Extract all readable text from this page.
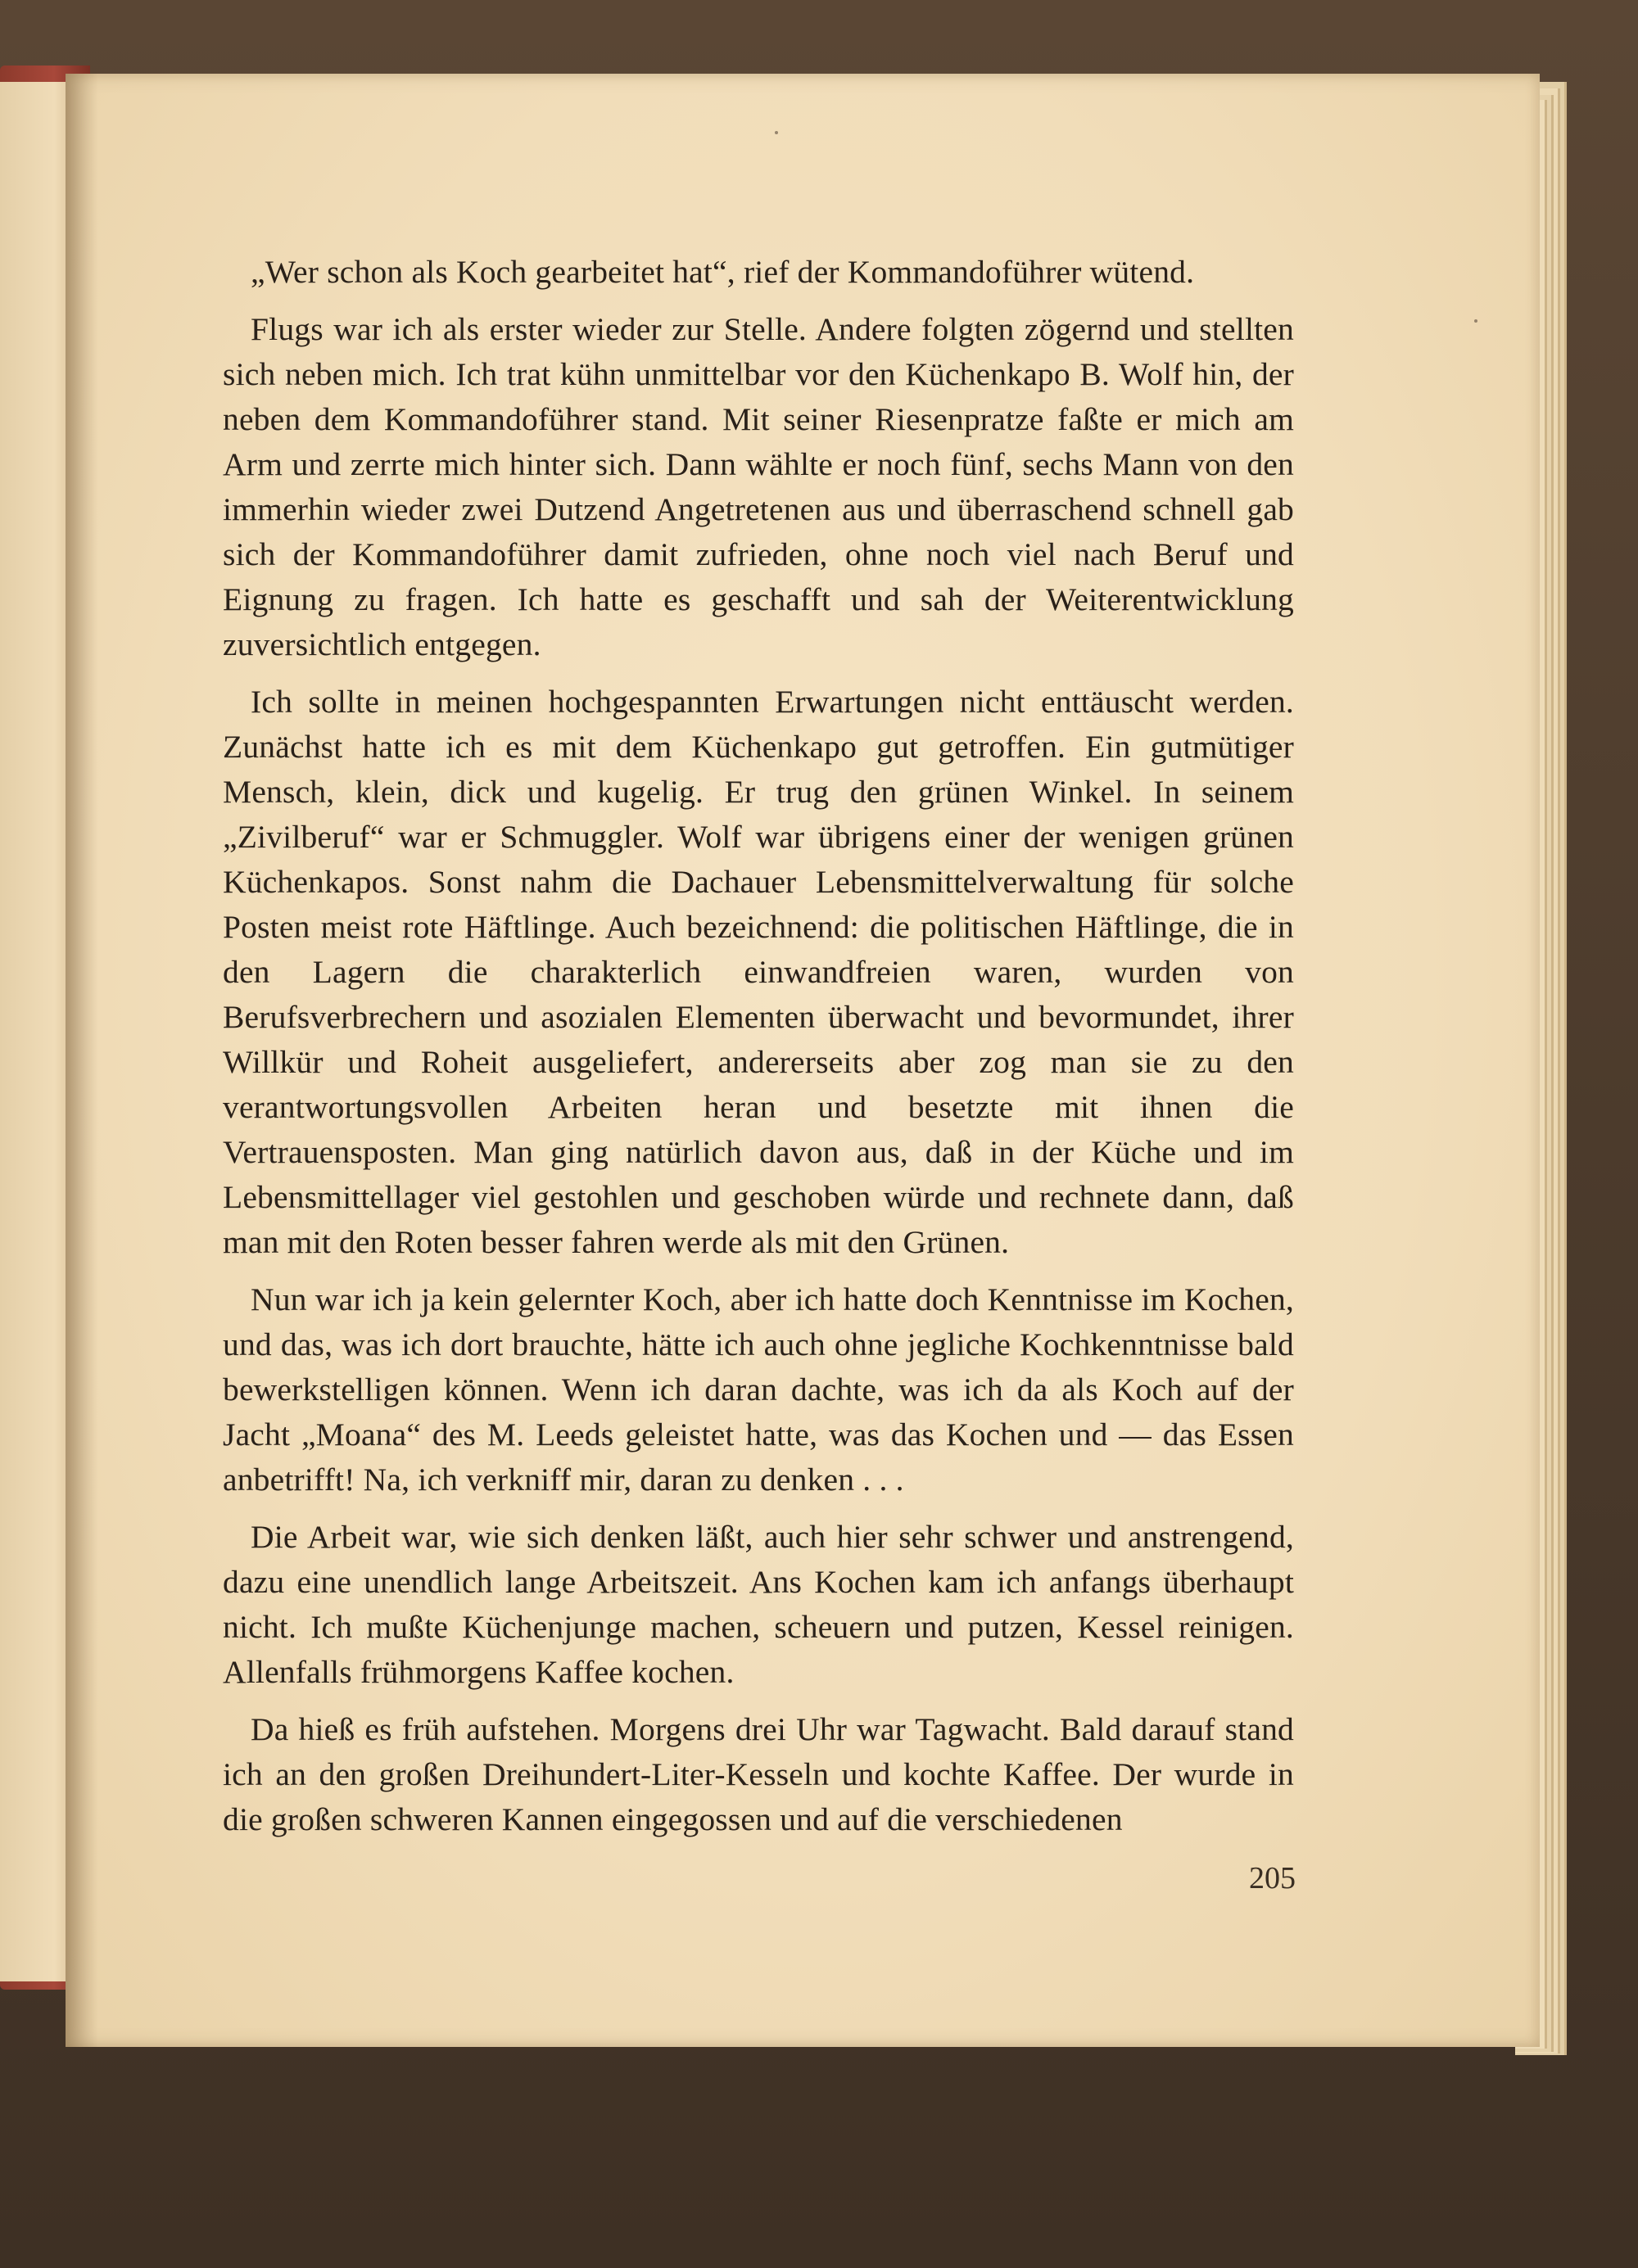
„Wer schon als Koch gearbeitet hat“, rief der Kommandoführer wütend.

Flugs war ich als erster wieder zur Stelle. Andere folgten zögernd und stellten sich neben mich. Ich trat kühn unmittelbar vor den Küchenkapo B. Wolf hin, der neben dem Kommandoführer stand. Mit seiner Riesenpratze faßte er mich am Arm und zerrte mich hinter sich. Dann wählte er noch fünf, sechs Mann von den immerhin wieder zwei Dutzend Angetretenen aus und überraschend schnell gab sich der Kommandoführer damit zufrieden, ohne noch viel nach Beruf und Eignung zu fragen. Ich hatte es geschafft und sah der Weiterentwicklung zuversichtlich entgegen.

Ich sollte in meinen hochgespannten Erwartungen nicht enttäuscht werden. Zunächst hatte ich es mit dem Küchenkapo gut getroffen. Ein gutmütiger Mensch, klein, dick und kugelig. Er trug den grünen Winkel. In seinem „Zivilberuf“ war er Schmuggler. Wolf war übrigens einer der wenigen grünen Küchenkapos. Sonst nahm die Dachauer Lebensmittelverwaltung für solche Posten meist rote Häftlinge. Auch bezeichnend: die politischen Häftlinge, die in den Lagern die charakterlich einwandfreien waren, wurden von Berufsverbrechern und asozialen Elementen überwacht und bevormundet, ihrer Willkür und Roheit ausgeliefert, andererseits aber zog man sie zu den verantwortungsvollen Arbeiten heran und besetzte mit ihnen die Vertrauensposten. Man ging natürlich davon aus, daß in der Küche und im Lebensmittellager viel gestohlen und geschoben würde und rechnete dann, daß man mit den Roten besser fahren werde als mit den Grünen.

Nun war ich ja kein gelernter Koch, aber ich hatte doch Kenntnisse im Kochen, und das, was ich dort brauchte, hätte ich auch ohne jegliche Kochkenntnisse bald bewerkstelligen können. Wenn ich daran dachte, was ich da als Koch auf der Jacht „Moana“ des M. Leeds geleistet hatte, was das Kochen und — das Essen anbetrifft! Na, ich verkniff mir, daran zu denken . . .

Die Arbeit war, wie sich denken läßt, auch hier sehr schwer und anstrengend, dazu eine unendlich lange Arbeitszeit. Ans Kochen kam ich anfangs überhaupt nicht. Ich mußte Küchenjunge machen, scheuern und putzen, Kessel reinigen. Allenfalls frühmorgens Kaffee kochen.

Da hieß es früh aufstehen. Morgens drei Uhr war Tagwacht. Bald darauf stand ich an den großen Dreihundert-Liter-Kesseln und kochte Kaffee. Der wurde in die großen schweren Kannen eingegossen und auf die verschiedenen

205
